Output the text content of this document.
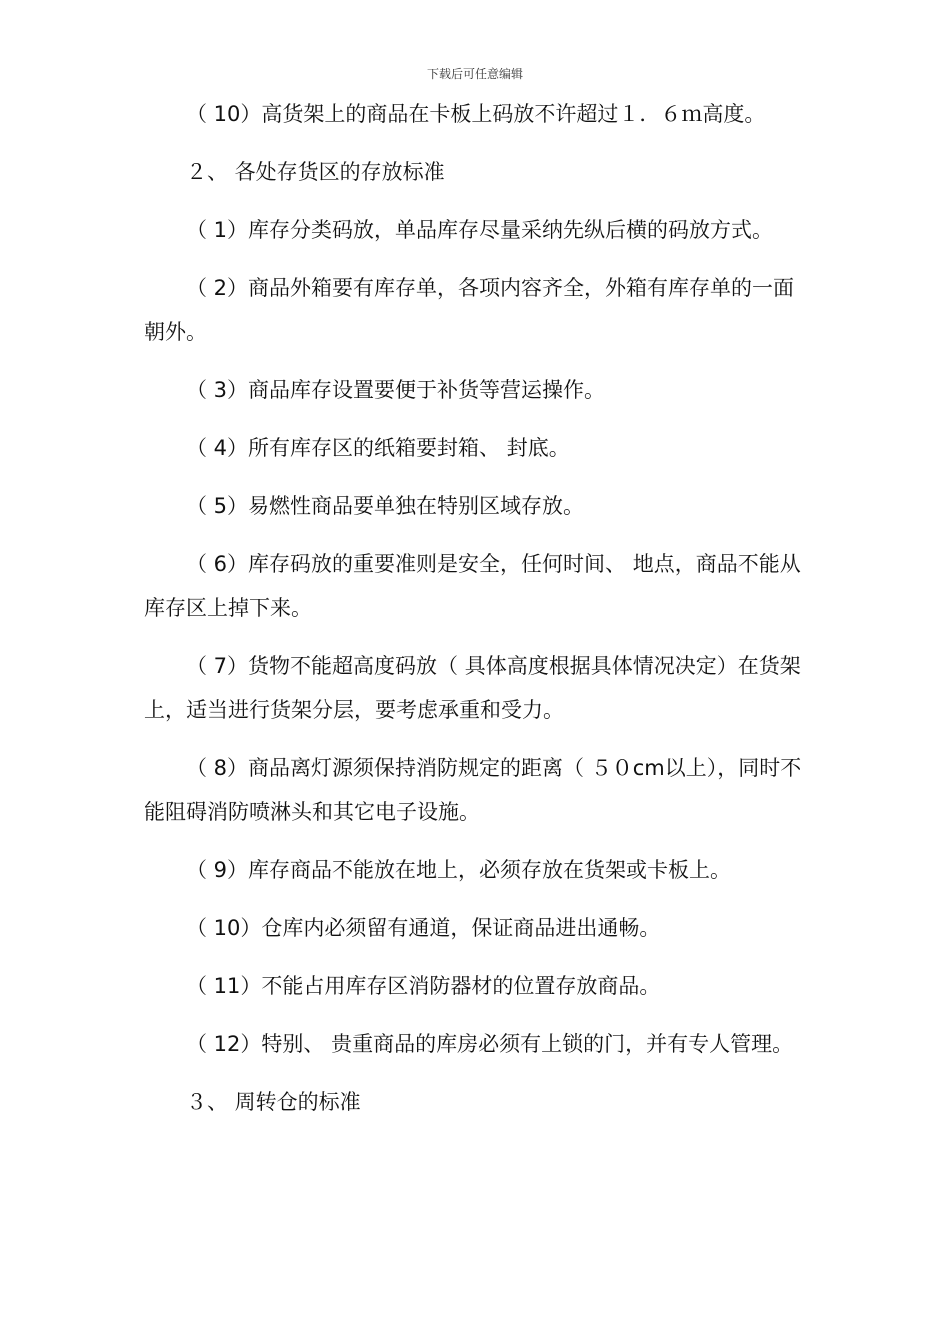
下载后可任意编辑

（ 10）高货架上的商品在卡板上码放不许超过１．６ｍ高度。

２、 各处存货区的存放标准

（ 1）库存分类码放，单品库存尽量采纳先纵后横的码放方式。

（ 2）商品外箱要有库存单，各项内容齐全，外箱有库存单的一面朝外。

（ 3）商品库存设置要便于补货等营运操作。

（ 4）所有库存区的纸箱要封箱、 封底。

（ 5）易燃性商品要单独在特别区域存放。

（ 6）库存码放的重要准则是安全，任何时间、 地点，商品不能从库存区上掉下来。

（ 7）货物不能超高度码放（ 具体高度根据具体情况决定）在货架上，适当进行货架分层，要考虑承重和受力。

（ 8）商品离灯源须保持消防规定的距离（ ５０cm以上），同时不能阻碍消防喷淋头和其它电子设施。

（ 9）库存商品不能放在地上，必须存放在货架或卡板上。

（ 10）仓库内必须留有通道，保证商品进出通畅。

（ 11）不能占用库存区消防器材的位置存放商品。

（ 12）特别、 贵重商品的库房必须有上锁的门，并有专人管理。

３、 周转仓的标准
